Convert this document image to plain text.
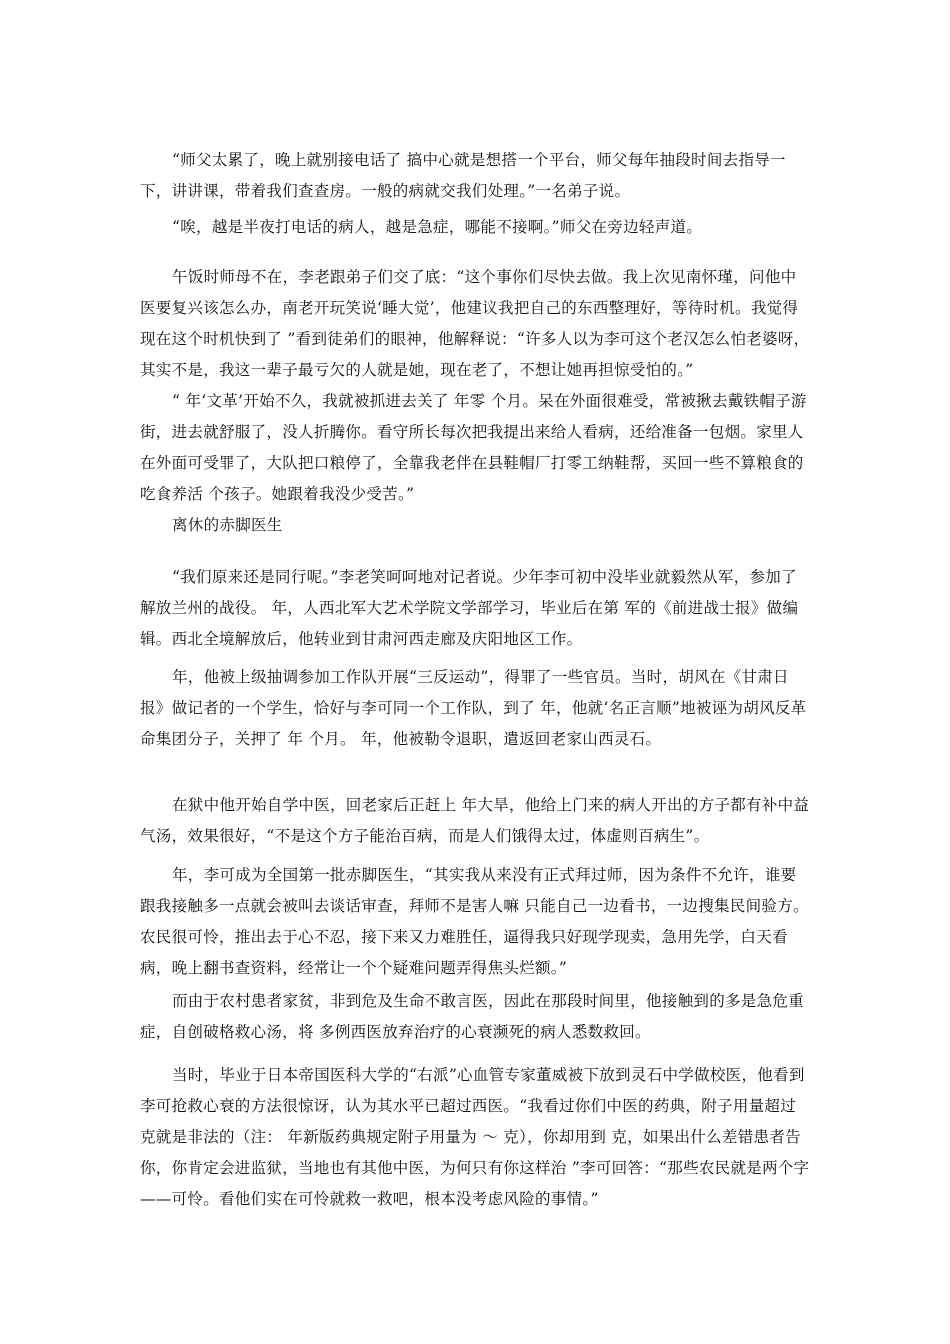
“师父太累了，晚上就别接电话了 搞中心就是想搭一个平台，师父每年抽段时间去指导一下，讲讲课，带着我们查查房。一般的病就交我们处理。”一名弟子说。

“唉，越是半夜打电话的病人，越是急症，哪能不接啊。”师父在旁边轻声道。

午饭时师母不在，李老跟弟子们交了底：“这个事你们尽快去做。我上次见南怀瑾，问他中医要复兴该怎么办，南老开玩笑说‘睡大觉’，他建议我把自己的东西整理好，等待时机。我觉得现在这个时机快到了 ”看到徒弟们的眼神，他解释说：“许多人以为李可这个老汉怎么怕老婆呀，其实不是，我这一辈子最亏欠的人就是她，现在老了，不想让她再担惊受怕的。”

“ 年‘文革’开始不久，我就被抓进去关了 年零 个月。呆在外面很难受，常被揪去戴铁帽子游街，进去就舒服了，没人折腾你。看守所长每次把我提出来给人看病，还给准备一包烟。家里人在外面可受罪了，大队把口粮停了，全靠我老伴在县鞋帽厂打零工纳鞋帮，买回一些不算粮食的吃食养活 个孩子。她跟着我没少受苦。”

离休的赤脚医生

“我们原来还是同行呢。”李老笑呵呵地对记者说。少年李可初中没毕业就毅然从军，参加了解放兰州的战役。 年，人西北军大艺术学院文学部学习，毕业后在第 军的《前进战士报》做编辑。西北全境解放后，他转业到甘肃河西走廊及庆阳地区工作。

年，他被上级抽调参加工作队开展“三反运动”，得罪了一些官员。当时，胡风在《甘肃日报》做记者的一个学生，恰好与李可同一个工作队，到了 年，他就‘名正言顺”地被诬为胡风反革命集团分子，关押了 年 个月。 年，他被勒令退职，遣返回老家山西灵石。

在狱中他开始自学中医，回老家后正赶上 年大旱，他给上门来的病人开出的方子都有补中益气汤，效果很好，“不是这个方子能治百病，而是人们饿得太过，体虚则百病生”。

年，李可成为全国第一批赤脚医生，“其实我从来没有正式拜过师，因为条件不允许，谁要跟我接触多一点就会被叫去谈话审查，拜师不是害人嘛 只能自己一边看书，一边搜集民间验方。农民很可怜，推出去于心不忍，接下来又力难胜任，逼得我只好现学现卖，急用先学，白天看病，晚上翻书查资料，经常让一个个疑难问题弄得焦头烂额。”

而由于农村患者家贫，非到危及生命不敢言医，因此在那段时间里，他接触到的多是急危重症，自创破格救心汤，将 多例西医放弃治疗的心衰濒死的病人悉数救回。

当时，毕业于日本帝国医科大学的“右派”心血管专家董威被下放到灵石中学做校医，他看到李可抢救心衰的方法很惊讶，认为其水平已超过西医。“我看过你们中医的药典，附子用量超过 克就是非法的（注： 年新版药典规定附子用量为 ～ 克），你却用到 克，如果出什么差错患者告你，你肯定会进监狱，当地也有其他中医，为何只有你这样治 ”李可回答：“那些农民就是两个字——可怜。看他们实在可怜就救一救吧，根本没考虑风险的事情。”
